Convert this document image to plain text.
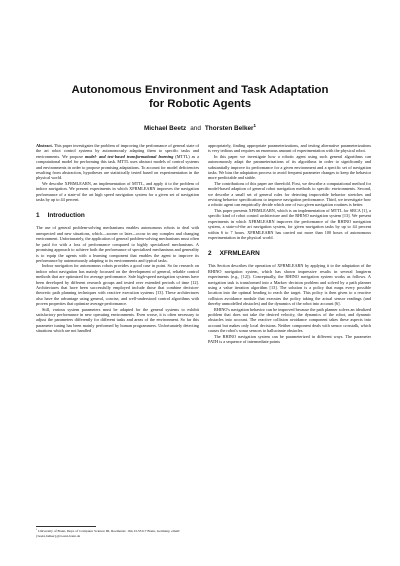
Autonomous Environment and Task Adaptation
for Robotic Agents
Michael Beetz and Thorsten Belker$^1$

Abstract. This paper investigates the problem of improving the performance of general state of the art robot control systems by autonomously adapting them to specific tasks and environments. We propose model- and test-based transformational learning (MTTL) as a computational model for performing this task. MTTL uses abstract models of control systems and environments in order to propose promising adaptations. To account for model deficiencies resulting from abstraction, hypotheses are statistically tested based on experimentation in the physical world.

We describe XFRMLEARN, an implementation of MTTL, and apply it to the problem of indoor navigation. We present experiments in which XFRMLEARN improves the navigation performance of a state-of the art high speed navigation system for a given set of navigation tasks by up to 44 percent.

1 Introduction

The use of general problem-solving mechanisms enables autonomous robots to deal with unexpected and new situations, which—sooner or later—occur in any complex and changing environment. Unfortunately, the application of general problem-solving mechanisms must often be paid for with a loss of performance compared to highly specialized mechanisms. A promising approach to achieve both the performance of specialized mechanisms and generality is to equip the agents with a learning component that enables the agent to improve its performance by autonomously adapting to its environments and typical tasks.

Indoor navigation for autonomous robots provides a good case in point. So far research on indoor robot navigation has mainly focussed on the development of general, reliable control methods that are optimized for average performance. Safe high-speed navigation systems have been developed by different research groups and tested over extended periods of time [12]. Architectures that have been successfully employed include those that combine decision-theoretic path planning techniques with reactive execution systems [13]. These architectures also have the advantage using general, concise, and well-understood control algorithms with proven properties that optimize average performance.

Still, various system parameters must be adapted for the general systems to exhibit satisfactory performance in new operating environments. Even worse, it is often necessary to adjust the parameters differently for different tasks and areas of the environment. So far this parameter tuning has been mainly performed by human programmers. Unfortunately detecting situations which are not handled

appropriately, finding appropriate parameterizations, and testing alternative parameterizations is very tedious and requires an enormous amount of experimentation with the physical robot.

In this paper we investigate how a robotic agent using such general algorithms can autonomously adapt the parameterizations of its algorithms in order to significantly and substantially improve its performance for a given environment and a specific set of navigation tasks. We bias the adaptation process to avoid frequent parameter changes to keep the behavior more predictable and stable.

The contributions of this paper are threefold. First, we describe a computational method for model-based adaption of general robot navigation methods to specific environments. Second, we describe a small set of general rules for detecting improvable behavior stretches and revising behavior specifications to improve navigation performance. Third, we investigate how a robotic agent can empirically decide which one of two given navigation routines is better.

This paper presents XFRMLEARN, which is an implementation of MTTL for SRCA [1], a specific kind of robot control architecture and the RHINO navigation system [13]. We present experiments in which XFRMLEARN improves the performance of the RHINO navigation system, a state-of-the art navigation system, for given navigation tasks by up to 44 percent within 6 to 7 hours. XFRMLEARN has carried out more than 100 hours of autonomous experimentation in the physical world.

2 XFRMLEARN

This Section describes the operation of XFRMLEARN by applying it to the adaptation of the RHINO navigation system, which has shown impressive results in several longterm experiments (e.g., [12]). Conceptually, the RHINO navigation system works as follows. A navigation task is transformed into a Markov decision problem and solved by a path planner using a value iteration algorithm [13]. The solution is a policy that maps every possible location into the optimal heading to reach the target. This policy is then given to a reactive collision avoidance module that executes the policy taking the actual sensor readings (and thereby unmodelled obstacles) and the dynamics of the robot into account [6].

RHINO's navigation behavior can be improved because the path planner solves an idealized problem that does not take the desired velocity, the dynamics of the robot, and dynamic obstacles into account. The reactive collision avoidance component takes these aspects into account but makes only local decisions. Neither component deals with sensor crosstalk, which causes the robot's sonar sensors to hallucinate obstacles.

The RHINO navigation system can be parameterized in different ways. The parameter PATH is a sequence of intermediate points

$^1$ University of Bonn, Dept. of Computer Science III, Roemerstr. 164, D-53117 Bonn, Germany, email: {beetz,belker}@cs.uni-bonn.de
